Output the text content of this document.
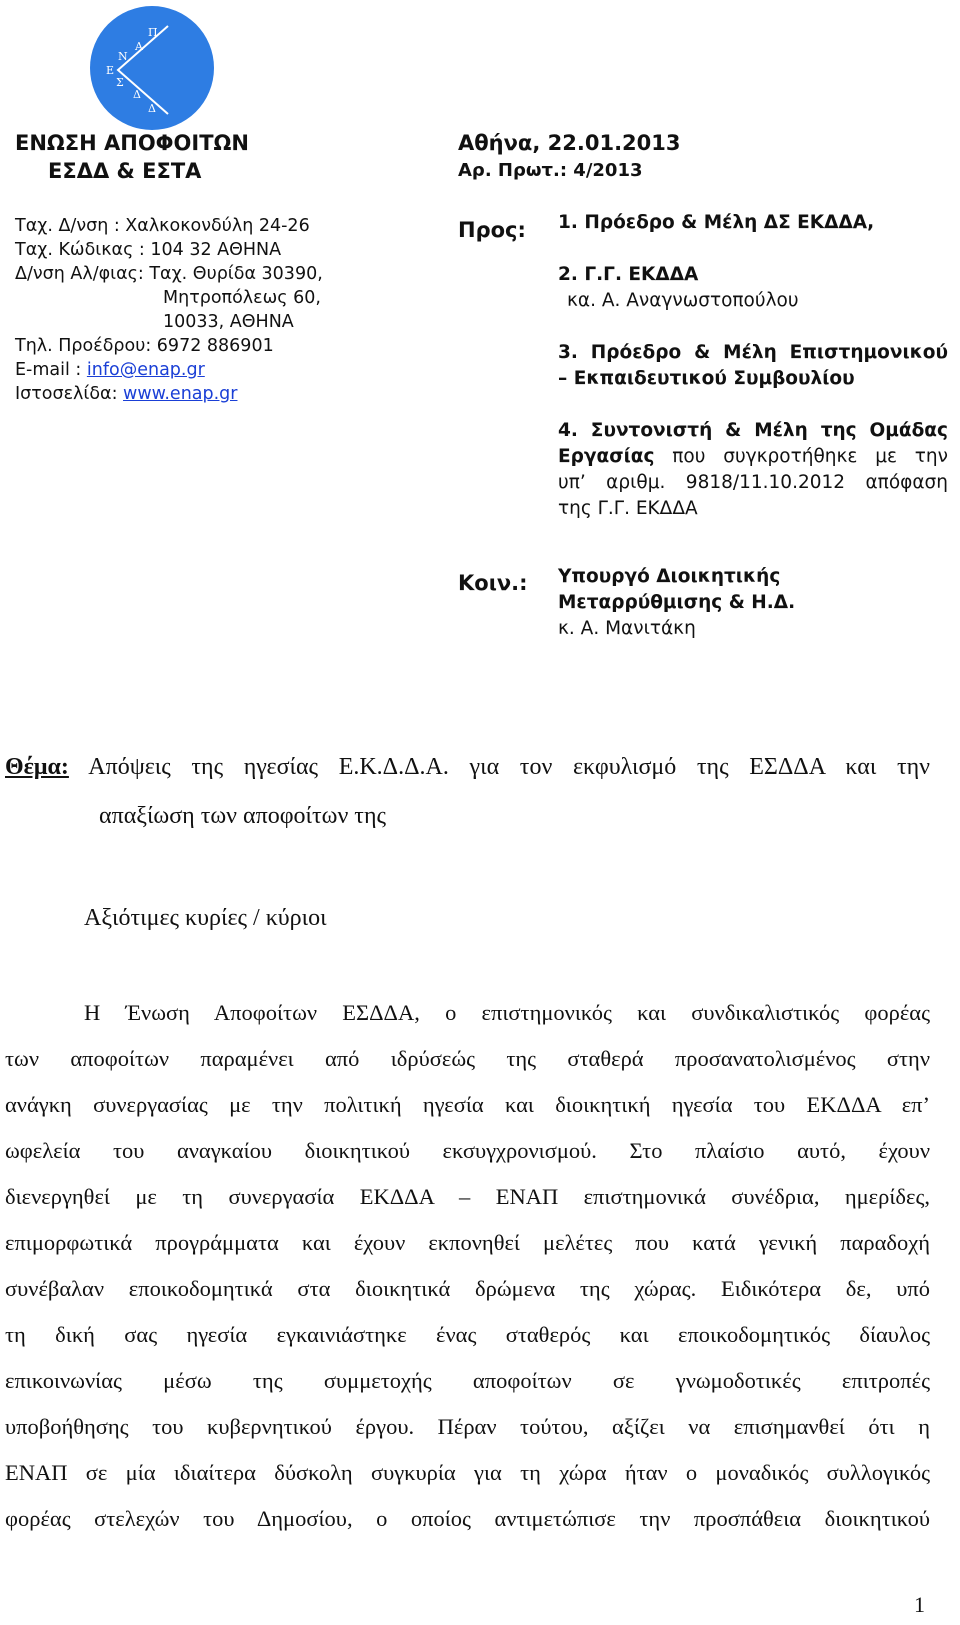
Π
Α
Ν
Ε
Σ
Δ
Δ
ΕΝΩΣΗ ΑΠΟΦΟΙΤΩΝ
ΕΣΔΔ & ΕΣΤΑ
Ταχ. Δ/νση : Χαλκοκονδύλη 24-26
Ταχ. Κώδικας : 104 32 ΑΘΗΝΑ
Δ/νση Αλ/φιας: Ταχ. Θυρίδα 30390,
Μητροπόλεως 60,
10033, ΑΘΗΝΑ
Τηλ. Προέδρου: 6972 886901
E-mail : info@enap.gr
Ιστοσελίδα: www.enap.gr
Αθήνα, 22.01.2013
Αρ. Πρωτ.: 4/2013
Προς: 1. Πρόεδρο & Μέλη ΔΣ ΕΚΔΔΑ,
2. Γ.Γ. ΕΚΔΔΑ
κα. Α. Αναγνωστοπούλου
3. Πρόεδρο & Μέλη Επιστημονικού
– Εκπαιδευτικού Συμβουλίου
4. Συντονιστή & Μέλη της Ομάδας
Εργασίας που συγκροτήθηκε με την
υπ’ αριθμ. 9818/11.10.2012 απόφαση
της Γ.Γ. ΕΚΔΔΑ
Κοιν.: Υπουργό Διοικητικής
Μεταρρύθμισης & Η.Δ.
κ. Α. Μανιτάκη
Θέμα: Απόψεις της ηγεσίας Ε.Κ.Δ.Δ.Α. για τον εκφυλισμό της ΕΣΔΔΑ και την
απαξίωση των αποφοίτων της
Αξιότιμες κυρίες / κύριοι
Η Ένωση Αποφοίτων ΕΣΔΔΑ, ο επιστημονικός και συνδικαλιστικός φορέας
των αποφοίτων παραμένει από ιδρύσεώς της σταθερά προσανατολισμένος στην
ανάγκη συνεργασίας με την πολιτική ηγεσία και διοικητική ηγεσία του ΕΚΔΔΑ επ’
ωφελεία του αναγκαίου διοικητικού εκσυγχρονισμού. Στο πλαίσιο αυτό, έχουν
διενεργηθεί με τη συνεργασία ΕΚΔΔΑ – ΕΝΑΠ επιστημονικά συνέδρια, ημερίδες,
επιμορφωτικά προγράμματα και έχουν εκπονηθεί μελέτες που κατά γενική παραδοχή
συνέβαλαν εποικοδομητικά στα διοικητικά δρώμενα της χώρας. Ειδικότερα δε, υπό
τη δική σας ηγεσία εγκαινιάστηκε ένας σταθερός και εποικοδομητικός δίαυλος
επικοινωνίας μέσω της συμμετοχής αποφοίτων σε γνωμοδοτικές επιτροπές
υποβοήθησης του κυβερνητικού έργου. Πέραν τούτου, αξίζει να επισημανθεί ότι η
ΕΝΑΠ σε μία ιδιαίτερα δύσκολη συγκυρία για τη χώρα ήταν ο μοναδικός συλλογικός
φορέας στελεχών του Δημοσίου, ο οποίος αντιμετώπισε την προσπάθεια διοικητικού
1
